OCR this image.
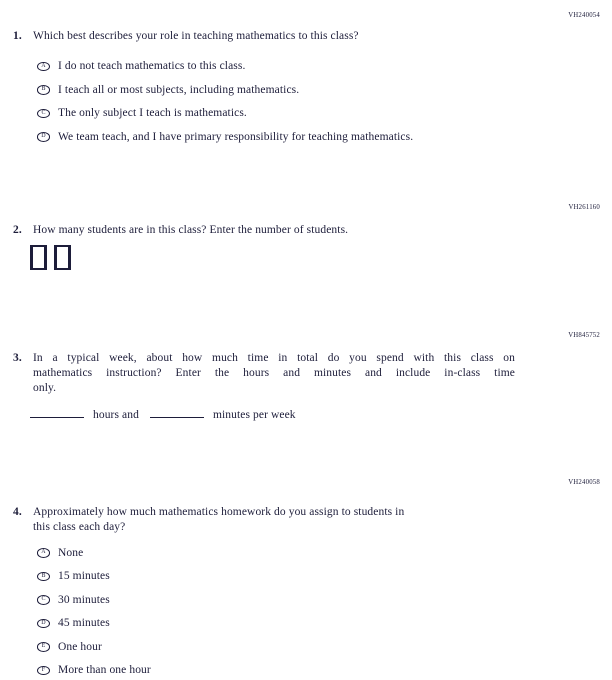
VH240054
1. Which best describes your role in teaching mathematics to this class?
A	I do not teach mathematics to this class.
B	I teach all or most subjects, including mathematics.
C	The only subject I teach is mathematics.
D	We team teach, and I have primary responsibility for teaching mathematics.
VH261160
2. How many students are in this class? Enter the number of students.

VH845752
3. In a typical week, about how much time in total do you spend with this class on
mathematics instruction? Enter the hours and minutes and include in-class time
only.
hours and	minutes per week
VH240058
4. Approximately how much mathematics homework do you assign to students in
this class each day?
A	None
B	15 minutes
C	30 minutes
D	45 minutes
E	One hour
F	More than one hour
